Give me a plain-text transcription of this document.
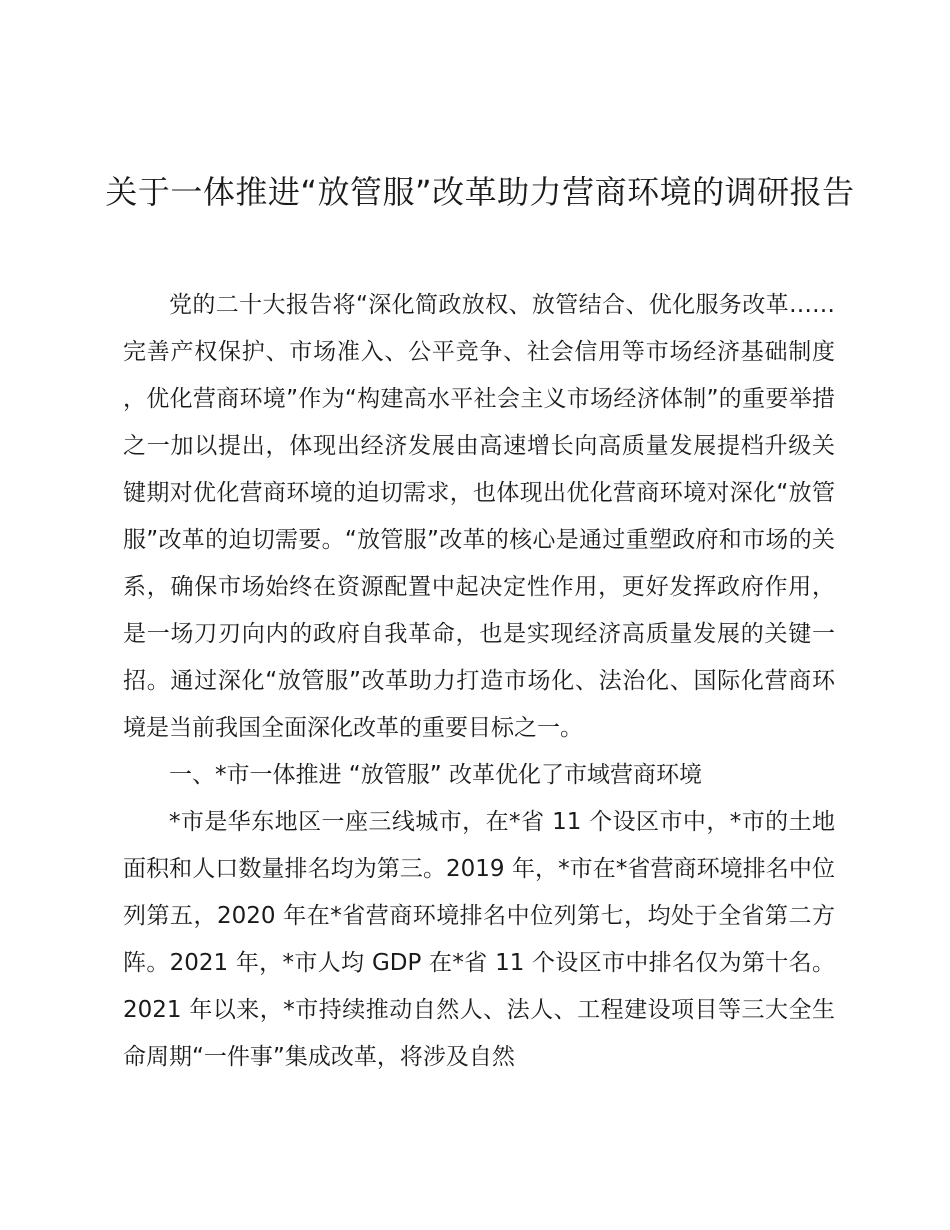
关于一体推进“放管服”改革助力营商环境的调研报告

党的二十大报告将“深化简政放权、放管结合、优化服务改革……完善产权保护、市场准入、公平竞争、社会信用等市场经济基础制度，优化营商环境”作为“构建高水平社会主义市场经济体制”的重要举措之一加以提出，体现出经济发展由高速增长向高质量发展提档升级关键期对优化营商环境的迫切需求，也体现出优化营商环境对深化“放管服”改革的迫切需要。“放管服”改革的核心是通过重塑政府和市场的关系，确保市场始终在资源配置中起决定性作用，更好发挥政府作用，是一场刀刃向内的政府自我革命，也是实现经济高质量发展的关键一招。通过深化“放管服”改革助力打造市场化、法治化、国际化营商环境是当前我国全面深化改革的重要目标之一。

一、*市一体推进 “放管服” 改革优化了市域营商环境

*市是华东地区一座三线城市，在*省 11 个设区市中，*市的土地面积和人口数量排名均为第三。2019 年，*市在*省营商环境排名中位列第五，2020 年在*省营商环境排名中位列第七，均处于全省第二方阵。2021 年，*市人均 GDP 在*省 11 个设区市中排名仅为第十名。2021 年以来，*市持续推动自然人、法人、工程建设项目等三大全生命周期“一件事”集成改革，将涉及自然
